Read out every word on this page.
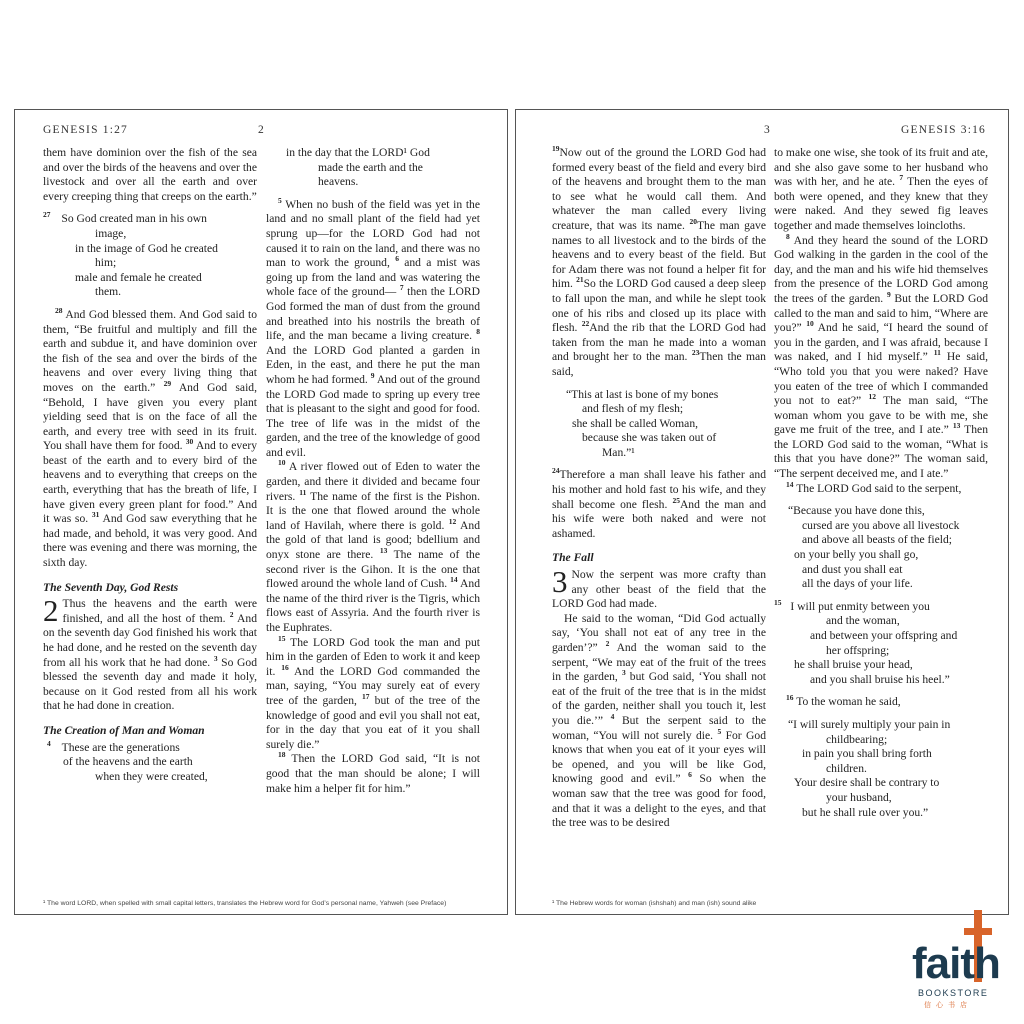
GENESIS 1:27	2

them have dominion over the fish of the sea and over the birds of the heavens and over the livestock and over all the earth and over every creeping thing that creeps on the earth.”

$^{27}$ So God created man in his own
image,
in the image of God he created
him;
male and female he created
them.

$^{28}$ And God blessed them. And God said to them, “Be fruitful and multiply and fill the earth and subdue it, and have dominion over the fish of the sea and over the birds of the heavens and over every living thing that moves on the earth.” $^{29}$ And God said, “Behold, I have given you every plant yielding seed that is on the face of all the earth, and every tree with seed in its fruit. You shall have them for food. $^{30}$ And to every beast of the earth and to every bird of the heavens and to everything that creeps on the earth, everything that has the breath of life, I have given every green plant for food.” And it was so. $^{31}$ And God saw everything that he had made, and behold, it was very good. And there was evening and there was morning, the sixth day.

The Seventh Day, God Rests

2 Thus the heavens and the earth were finished, and all the host of them. $^2$ And on the seventh day God finished his work that he had done, and he rested on the seventh day from all his work that he had done. $^3$ So God blessed the seventh day and made it holy, because on it God rested from all his work that he had done in creation.

The Creation of Man and Woman
$^4$ These are the generations
of the heavens and the earth
when they were created,
in the day that the LORD¹ God
made the earth and the
heavens.

$^5$ When no bush of the field was yet in the land and no small plant of the field had yet sprung up—for the LORD God had not caused it to rain on the land, and there was no man to work the ground, $^6$ and a mist was going up from the land and was watering the whole face of the ground— $^7$ then the LORD God formed the man of dust from the ground and breathed into his nostrils the breath of life, and the man became a living creature. $^8$ And the LORD God planted a garden in Eden, in the east, and there he put the man whom he had formed. $^9$ And out of the ground the LORD God made to spring up every tree that is pleasant to the sight and good for food. The tree of life was in the midst of the garden, and the tree of the knowledge of good and evil.

$^{10}$ A river flowed out of Eden to water the garden, and there it divided and became four rivers. $^{11}$ The name of the first is the Pishon. It is the one that flowed around the whole land of Havilah, where there is gold. $^{12}$ And the gold of that land is good; bdellium and onyx stone are there. $^{13}$ The name of the second river is the Gihon. It is the one that flowed around the whole land of Cush. $^{14}$ And the name of the third river is the Tigris, which flows east of Assyria. And the fourth river is the Euphrates.

$^{15}$ The LORD God took the man and put him in the garden of Eden to work it and keep it. $^{16}$ And the LORD God commanded the man, saying, “You may surely eat of every tree of the garden, $^{17}$ but of the tree of the knowledge of good and evil you shall not eat, for in the day that you eat of it you shall surely die.”

$^{18}$ Then the LORD God said, “It is not good that the man should be alone; I will make him a helper fit for him.”

¹ The word LORD, when spelled with small capital letters, translates the Hebrew word for God’s personal name, Yahweh (see Preface)
3	GENESIS 3:16

$^{19}$Now out of the ground the LORD God had formed every beast of the field and every bird of the heavens and brought them to the man to see what he would call them. And whatever the man called every living creature, that was its name. $^{20}$The man gave names to all livestock and to the birds of the heavens and to every beast of the field. But for Adam there was not found a helper fit for him. $^{21}$So the LORD God caused a deep sleep to fall upon the man, and while he slept took one of his ribs and closed up its place with flesh. $^{22}$And the rib that the LORD God had taken from the man he made into a woman and brought her to the man. $^{23}$Then the man said,

“This at last is bone of my bones
and flesh of my flesh;
she shall be called Woman,
because she was taken out of
Man.”¹

$^{24}$Therefore a man shall leave his father and his mother and hold fast to his wife, and they shall become one flesh. $^{25}$And the man and his wife were both naked and were not ashamed.

The Fall

3 Now the serpent was more crafty than any other beast of the field that the LORD God had made.

He said to the woman, “Did God actually say, ‘You shall not eat of any tree in the garden’?” $^2$ And the woman said to the serpent, “We may eat of the fruit of the trees in the garden, $^3$ but God said, ‘You shall not eat of the fruit of the tree that is in the midst of the garden, neither shall you touch it, lest you die.’” $^4$ But the serpent said to the woman, “You will not surely die. $^5$ For God knows that when you eat of it your eyes will be opened, and you will be like God, knowing good and evil.” $^6$ So when the woman saw that the tree was good for food, and that it was a delight to the eyes, and that the tree was to be desired

to make one wise, she took of its fruit and ate, and she also gave some to her husband who was with her, and he ate. $^7$ Then the eyes of both were opened, and they knew that they were naked. And they sewed fig leaves together and made themselves loincloths.

$^8$ And they heard the sound of the LORD God walking in the garden in the cool of the day, and the man and his wife hid themselves from the presence of the LORD God among the trees of the garden. $^9$ But the LORD God called to the man and said to him, “Where are you?” $^{10}$ And he said, “I heard the sound of you in the garden, and I was afraid, because I was naked, and I hid myself.” $^{11}$ He said, “Who told you that you were naked? Have you eaten of the tree of which I commanded you not to eat?” $^{12}$ The man said, “The woman whom you gave to be with me, she gave me fruit of the tree, and I ate.” $^{13}$ Then the LORD God said to the woman, “What is this that you have done?” The woman said, “The serpent deceived me, and I ate.”

$^{14}$ The LORD God said to the serpent,

“Because you have done this,
cursed are you above all livestock
and above all beasts of the field;
on your belly you shall go,
and dust you shall eat
all the days of your life.
$^{15}$ I will put enmity between you
and the woman,
and between your offspring and
her offspring;
he shall bruise your head,
and you shall bruise his heel.”

$^{16}$ To the woman he said,

“I will surely multiply your pain in
childbearing;
in pain you shall bring forth
children.
Your desire shall be contrary to
your husband,
but he shall rule over you.”
¹ The Hebrew words for woman (ishshah) and man (ish) sound alike
faith
BOOKSTORE
信心书店
